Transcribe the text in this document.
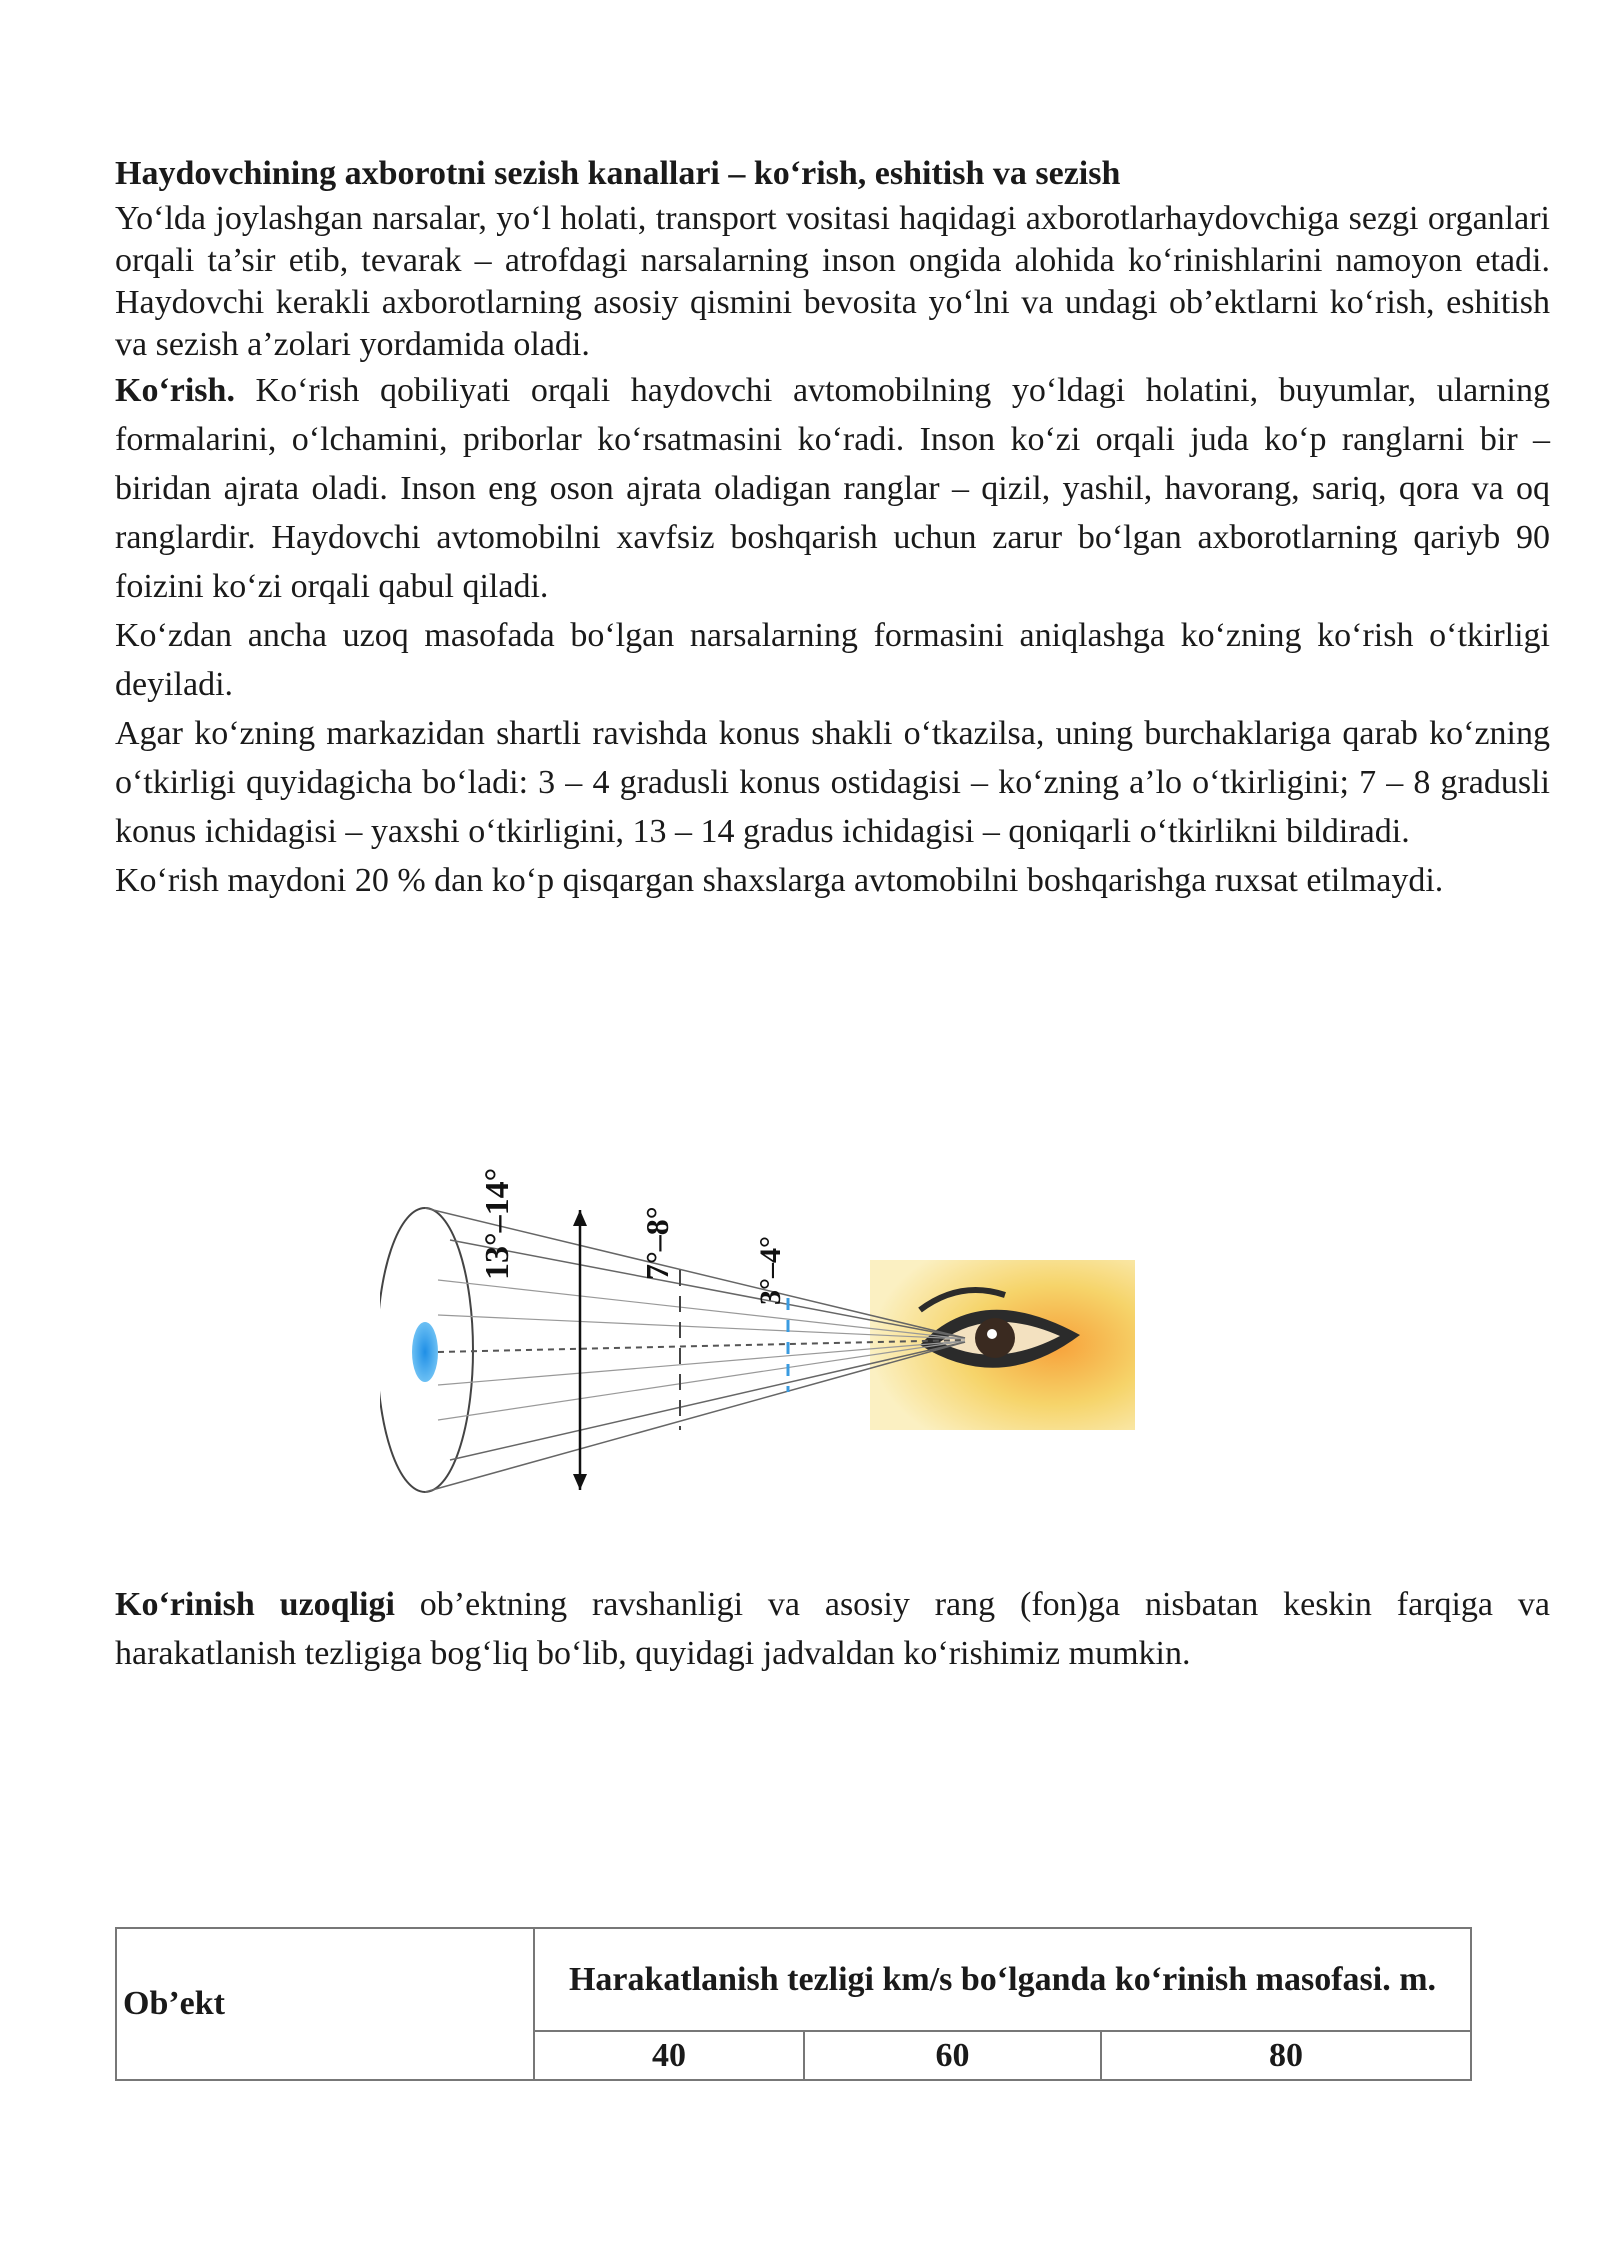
Haydovchining axborotni sezish kanallari – ko‘rish, eshitish va sezish

Yo‘lda joylashgan narsalar, yo‘l holati, transport vositasi haqidagi axborotlarhaydovchiga sezgi organlari orqali ta’sir etib, tevarak – atrofdagi narsalarning inson ongida alohida ko‘rinishlarini namoyon etadi. Haydovchi kerakli axborotlarning asosiy qismini bevosita yo‘lni va undagi ob’ektlarni ko‘rish, eshitish va sezish a’zolari yordamida oladi.

Ko‘rish. Ko‘rish qobiliyati orqali haydovchi avtomobilning yo‘ldagi holatini, buyumlar, ularning formalarini, o‘lchamini, priborlar ko‘rsatmasini ko‘radi. Inson ko‘zi orqali juda ko‘p ranglarni bir – biridan ajrata oladi. Inson eng oson ajrata oladigan ranglar – qizil, yashil, havorang, sariq, qora va oq ranglardir. Haydovchi avtomobilni xavfsiz boshqarish uchun zarur bo‘lgan axborotlarning qariyb 90 foizini ko‘zi orqali qabul qiladi.

Ko‘zdan ancha uzoq masofada bo‘lgan narsalarning formasini aniqlashga ko‘zning ko‘rish o‘tkirligi deyiladi.

Agar ko‘zning markazidan shartli ravishda konus shakli o‘tkazilsa, uning burchaklariga qarab ko‘zning o‘tkirligi quyidagicha bo‘ladi: 3 – 4 gradusli konus ostidagisi – ko‘zning a’lo o‘tkirligini; 7 – 8 gradusli konus ichidagisi – yaxshi o‘tkirligini, 13 – 14 gradus ichidagisi – qoniqarli o‘tkirlikni bildiradi.

Ko‘rish maydoni 20 % dan ko‘p qisqargan shaxslarga avtomobilni boshqarishga ruxsat etilmaydi.

13°–14°	7°–8°	3°–4°

Ko‘rinish uzoqligi ob’ektning ravshanligi va asosiy rang (fon)ga nisbatan keskin farqiga va harakatlanish tezligiga bog‘liq bo‘lib, quyidagi jadvaldan ko‘rishimiz mumkin.

Ob’ekt	Harakatlanish tezligi km/s bo‘lganda ko‘rinish masofasi. m.		
	40	60	80
